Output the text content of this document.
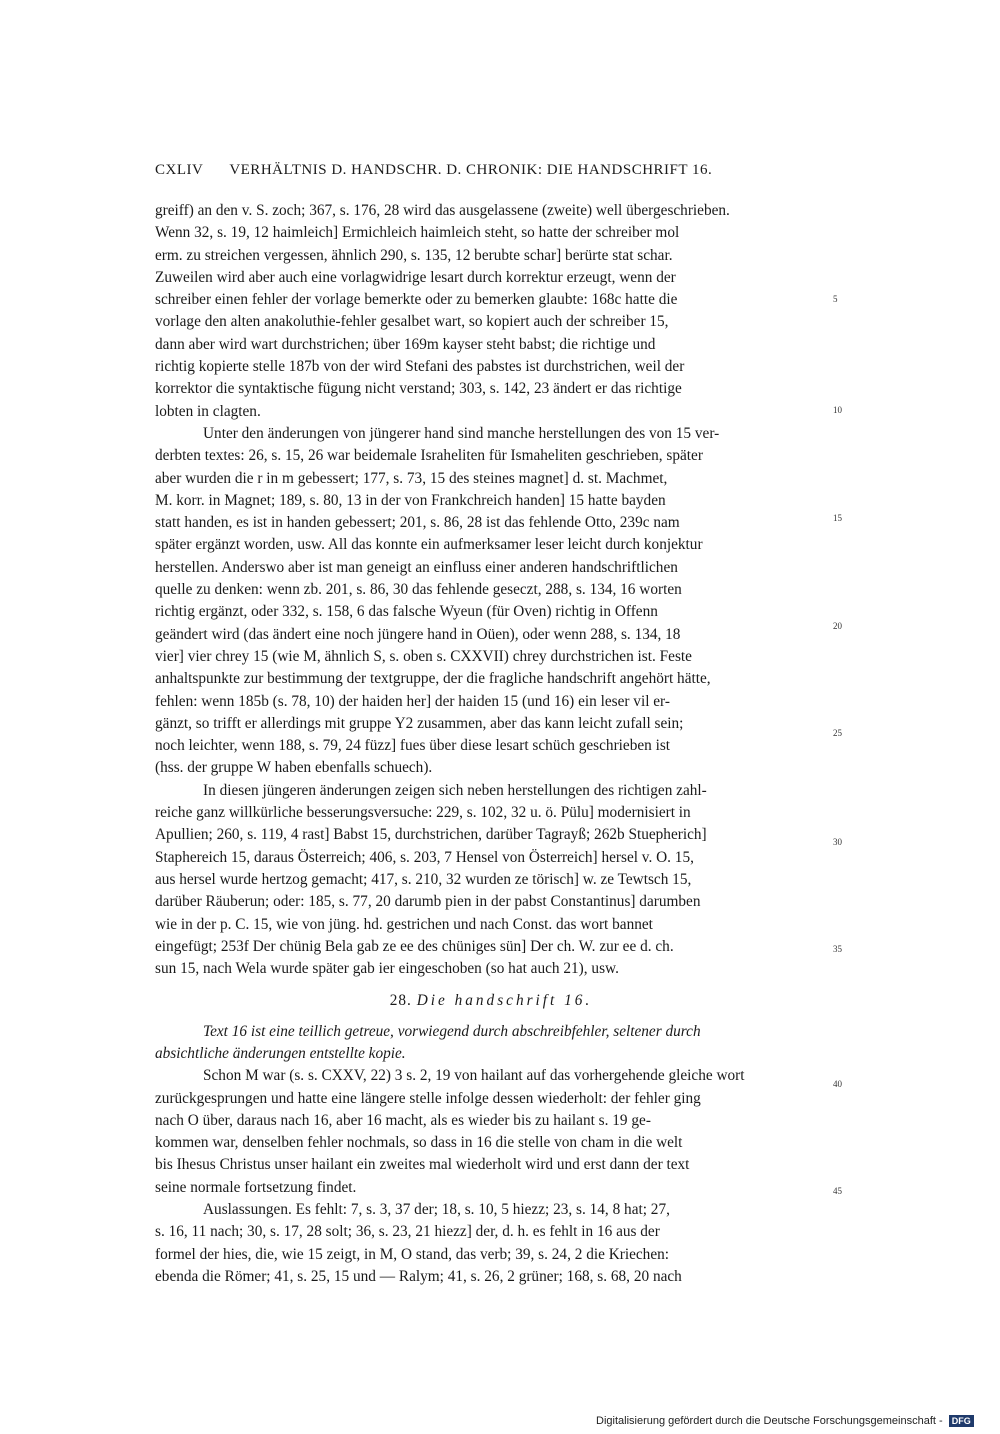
CXLIV VERHÄLTNIS D. HANDSCHR. D. CHRONIK: DIE HANDSCHRIFT 16.
greiff) an den v. S. zoch; 367, s. 176, 28 wird das ausgelassene (zweite) well übergeschrieben.
Wenn 32, s. 19, 12 haimleich] Ermichleich haimleich steht, so hatte der schreiber mol
erm. zu streichen vergessen, ähnlich 290, s. 135, 12 berubte schar] berürte stat schar.
Zuweilen wird aber auch eine vorlagwidrige lesart durch korrektur erzeugt, wenn der
schreiber einen fehler der vorlage bemerkte oder zu bemerken glaubte: 168c hatte die
vorlage den alten anakoluthie-fehler gesalbet wart, so kopiert auch der schreiber 15,
dann aber wird wart durchstrichen; über 169m kayser steht babst; die richtige und
richtig kopierte stelle 187b von der wird Stefani des pabstes ist durchstrichen, weil der
korrektor die syntaktische fügung nicht verstand; 303, s. 142, 23 ändert er das richtige
lobten in clagten.
Unter den änderungen von jüngerer hand sind manche herstellungen des von 15 ver-
derbten textes: 26, s. 15, 26 war beidemale Israheliten für Ismaheliten geschrieben, später
aber wurden die r in m gebessert; 177, s. 73, 15 des steines magnet] d. st. Machmet,
M. korr. in Magnet; 189, s. 80, 13 in der von Frankchreich handen] 15 hatte bayden
statt handen, es ist in handen gebessert; 201, s. 86, 28 ist das fehlende Otto, 239c nam
später ergänzt worden, usw. All das konnte ein aufmerksamer leser leicht durch konjektur
herstellen. Anderswo aber ist man geneigt an einfluss einer anderen handschriftlichen
quelle zu denken: wenn zb. 201, s. 86, 30 das fehlende geseczt, 288, s. 134, 16 worten
richtig ergänzt, oder 332, s. 158, 6 das falsche Wyeun (für Oven) richtig in Offenn
geändert wird (das ändert eine noch jüngere hand in Oüen), oder wenn 288, s. 134, 18
vier] vier chrey 15 (wie M, ähnlich S, s. oben s. CXXVII) chrey durchstrichen ist. Feste
anhaltspunkte zur bestimmung der textgruppe, der die fragliche handschrift angehört hätte,
fehlen: wenn 185b (s. 78, 10) der haiden her] der haiden 15 (und 16) ein leser vil er-
gänzt, so trifft er allerdings mit gruppe Y2 zusammen, aber das kann leicht zufall sein;
noch leichter, wenn 188, s. 79, 24 füzz] fues über diese lesart schüch geschrieben ist
(hss. der gruppe W haben ebenfalls schuech).
In diesen jüngeren änderungen zeigen sich neben herstellungen des richtigen zahl-
reiche ganz willkürliche besserungsversuche: 229, s. 102, 32 u. ö. Pülu] modernisiert in
Apullien; 260, s. 119, 4 rast] Babst 15, durchstrichen, darüber Tagrayß; 262b Stuepherich]
Staphereich 15, daraus Österreich; 406, s. 203, 7 Hensel von Österreich] hersel v. O. 15,
aus hersel wurde hertzog gemacht; 417, s. 210, 32 wurden ze törisch] w. ze Tewtsch 15,
darüber Räuberun; oder: 185, s. 77, 20 darumb pien in der pabst Constantinus] darumben
wie in der p. C. 15, wie von jüng. hd. gestrichen und nach Const. das wort bannet
eingefügt; 253f Der chünig Bela gab ze ee des chüniges sün] Der ch. W. zur ee d. ch.
sun 15, nach Wela wurde später gab ier eingeschoben (so hat auch 21), usw.
28. Die handschrift 16.
Text 16 ist eine teillich getreue, vorwiegend durch abschreibfehler, seltener durch
absichtliche änderungen entstellte kopie.
Schon M war (s. s. CXXV, 22) 3 s. 2, 19 von hailant auf das vorhergehende gleiche wort
zurückgesprungen und hatte eine längere stelle infolge dessen wiederholt: der fehler ging
nach O über, daraus nach 16, aber 16 macht, als es wieder bis zu hailant s. 19 ge-
kommen war, denselben fehler nochmals, so dass in 16 die stelle von cham in die welt
bis Ihesus Christus unser hailant ein zweites mal wiederholt wird und erst dann der text
seine normale fortsetzung findet.
Auslassungen. Es fehlt: 7, s. 3, 37 der; 18, s. 10, 5 hiezz; 23, s. 14, 8 hat; 27,
s. 16, 11 nach; 30, s. 17, 28 solt; 36, s. 23, 21 hiezz] der, d. h. es fehlt in 16 aus der
formel der hies, die, wie 15 zeigt, in M, O stand, das verb; 39, s. 24, 2 die Kriechen:
ebenda die Römer; 41, s. 25, 15 und — Ralym; 41, s. 26, 2 grüner; 168, s. 68, 20 nach
5
10
15
20
25
30
35
40
45
Digitalisierung gefördert durch die Deutsche Forschungsgemeinschaft - DFG
